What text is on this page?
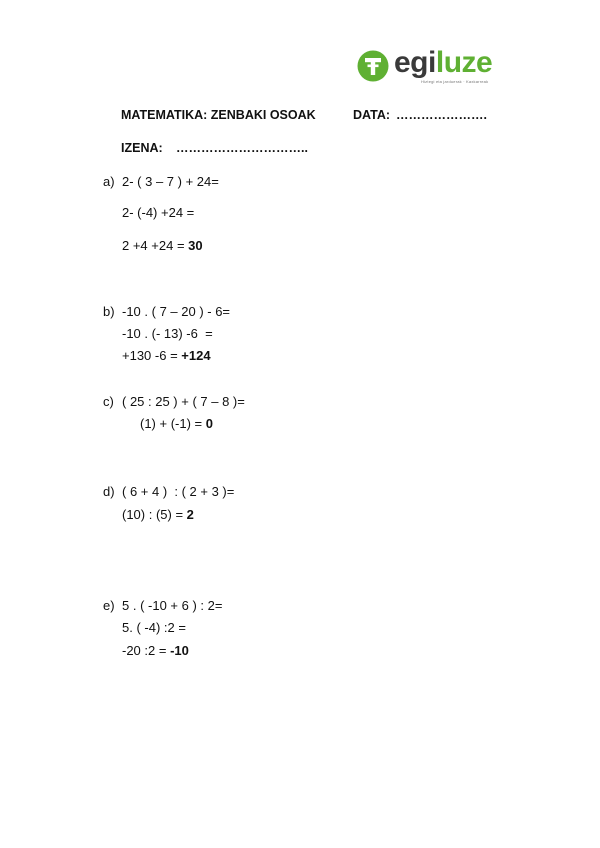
egiluze
Hiztegi eta jarduerak · Kaxkarreak
MATEMATIKA: ZENBAKI OSOAK	DATA: ………………….
IZENA: …………………………..
a) 2- ( 3 – 7 ) + 24=
2- (-4) +24 =
2 +4 +24 = 30
b) -10 . ( 7 – 20 ) - 6=
-10 . (- 13) -6  =
+130 -6 = +124
c) ( 25 : 25 ) + ( 7 – 8 )=
(1) + (-1) = 0
d) ( 6 + 4 )  : ( 2 + 3 )=
(10) : (5) = 2
e) 5 . ( -10 + 6 ) : 2=
5. ( -4) :2 =
-20 :2 = -10
